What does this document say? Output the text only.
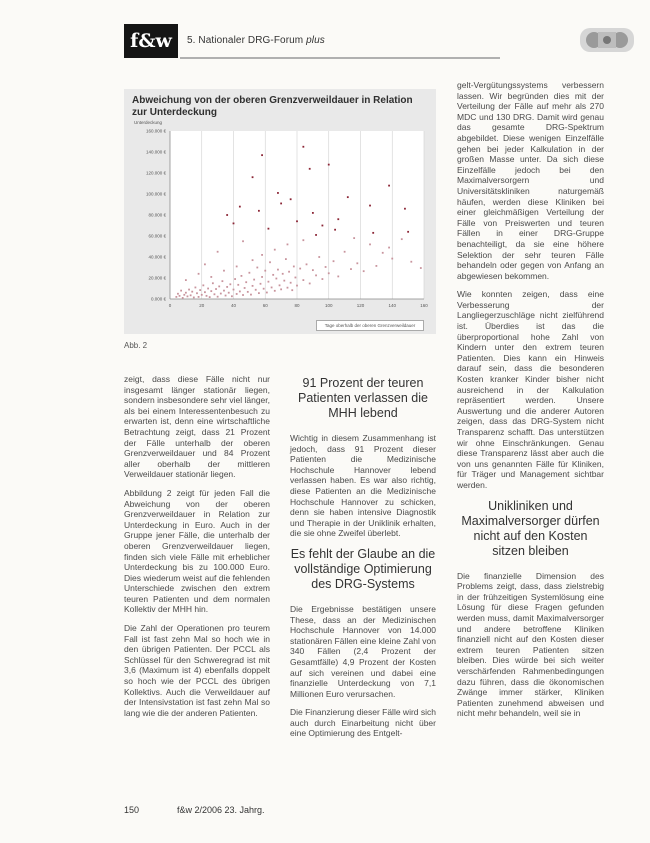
f&w	5. Nationaler DRG-Forum plus
Abweichung von der oberen Grenzverweildauer in Relation zur Unterdeckung
Unterdeckung
0	20	40	60	80	100	120	140	160
0.000 €
20.000 €
40.000 €
60.000 €
80.000 €
100.000 €
120.000 €
140.000 €
160.000 €
Tage oberhalb der oberen Grenzverweildauer
Abb. 2

zeigt, dass diese Fälle nicht nur insgesamt länger stationär liegen, sondern insbesondere sehr viel länger, als bei einem Interessentenbesuch zu erwarten ist, denn eine wirtschaftliche Betrachtung zeigt, dass 21 Prozent der Fälle unterhalb der oberen Grenzverweildauer und 84 Prozent aller oberhalb der mittleren Verweildauer stationär liegen.

Abbildung 2 zeigt für jeden Fall die Abweichung von der oberen Grenzverweildauer in Relation zur Unterdeckung in Euro. Auch in der Gruppe jener Fälle, die unterhalb der oberen Grenzverweildauer liegen, finden sich viele Fälle mit erheblicher Unterdeckung bis zu 100.000 Euro. Dies wiederum weist auf die fehlenden Unterschiede zwischen den extrem teuren Patienten und dem normalen Kollektiv der MHH hin.

Die Zahl der Operationen pro teurem Fall ist fast zehn Mal so hoch wie in den übrigen Patienten. Der PCCL als Schlüssel für den Schweregrad ist mit 3,6 (Maximum ist 4) ebenfalls doppelt so hoch wie der PCCL des übrigen Kollektivs. Auch die Verweildauer auf der Intensivstation ist fast zehn Mal so lang wie die der anderen Patienten.

91 Prozent der teuren Patienten verlassen die MHH lebend

Wichtig in diesem Zusammenhang ist jedoch, dass 91 Prozent dieser Patienten die Medizinische Hochschule Hannover lebend verlassen haben. Es war also richtig, diese Patienten an die Medizinische Hochschule Hannover zu schicken, denn sie haben intensive Diagnostik und Therapie in der Uniklinik erhalten, die sie ohne Zweifel überlebt.

Es fehlt der Glaube an die vollständige Optimierung des DRG-Systems

Die Ergebnisse bestätigen unsere These, dass an der Medizinischen Hochschule Hannover von 14.000 stationären Fällen eine kleine Zahl von 340 Fällen (2,4 Prozent der Gesamtfälle) 4,9 Prozent der Kosten auf sich vereinen und dabei eine finanzielle Unterdeckung von 7,1 Millionen Euro verursachen.

Die Finanzierung dieser Fälle wird sich auch durch Einarbeitung nicht über eine Optimierung des Entgelt-

gelt-Vergütungssystems verbessern lassen. Wir begründen dies mit der Verteilung der Fälle auf mehr als 270 MDC und 130 DRG. Damit wird genau das gesamte DRG-Spektrum abgebildet. Diese wenigen Einzelfälle gehen bei jeder Kalkulation in der großen Masse unter. Da sich diese Einzelfälle jedoch bei den Maximalversorgern und Universitätskliniken naturgemäß häufen, werden diese Kliniken bei einer gleichmäßigen Verteilung der Fälle von Preiswerten und teuren Fällen in einer DRG-Gruppe benachteiligt, da sie eine höhere Selektion der sehr teuren Fälle behandeln oder gegen von Anfang an abgewiesen bekommen.

Wie konnten zeigen, dass eine Verbesserung der Langliegerzuschläge nicht zielführend ist. Überdies ist das die überproportional hohe Zahl von Kindern unter den extrem teuren Patienten. Dies kann ein Hinweis darauf sein, dass die besonderen Kosten kranker Kinder bisher nicht ausreichend in der Kalkulation repräsentiert werden. Unsere Auswertung und die anderer Autoren zeigen, dass das DRG-System nicht Transparenz schafft. Das unterstützen wir ohne Einschränkungen. Genau diese Transparenz lässt aber auch die von uns genannten Fälle für Kliniken, für Träger und Management sichtbar werden.

Unikliniken und Maximalversorger dürfen nicht auf den Kosten sitzen bleiben

Die finanzielle Dimension des Problems zeigt, dass, dass zielstrebig in der frühzeitigen Systemlösung eine Lösung für diese Fragen gefunden werden muss, damit Maximalversorger und andere betroffene Kliniken finanziell nicht auf den Kosten dieser extrem teuren Patienten sitzen bleiben. Dies würde bei sich weiter verschärfenden Rahmenbedingungen dazu führen, dass die ökonomischen Zwänge immer stärker, Kliniken Patienten zunehmend abweisen und nicht mehr behandeln, weil sie in

150	f&w 2/2006 23. Jahrg.
